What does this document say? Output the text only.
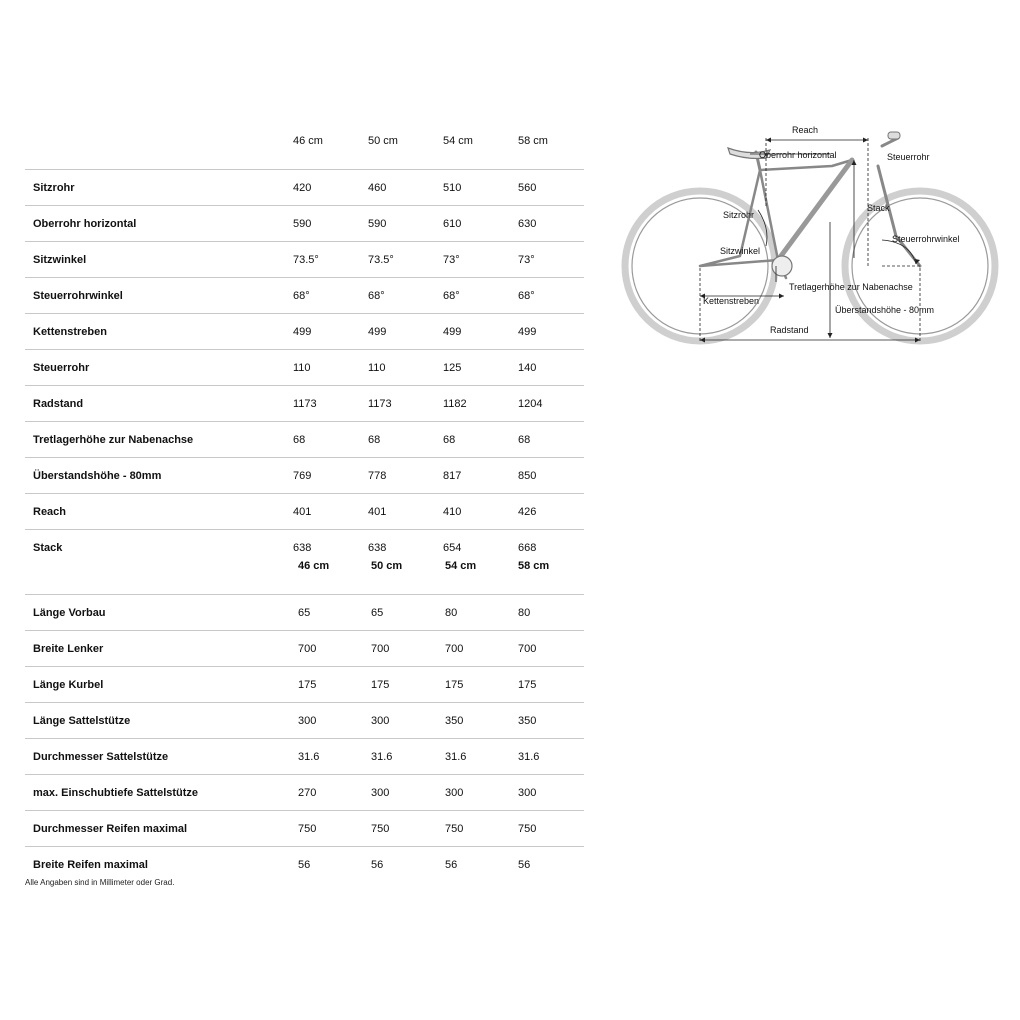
46 cm	50 cm	54 cm	58 cm
Sitzrohr	420	460	510	560
Oberrohr horizontal	590	590	610	630
Sitzwinkel	73.5°	73.5°	73°	73°
Steuerrohrwinkel	68°	68°	68°	68°
Kettenstreben	499	499	499	499
Steuerrohr	110	110	125	140
Radstand	1173	1173	1182	1204
Tretlagerhöhe zur Nabenachse	68	68	68	68
Überstandshöhe - 80mm	769	778	817	850
Reach	401	401	410	426
Stack	638	638	654	668
46 cm	50 cm	54 cm	58 cm
Länge Vorbau	65	65	80	80
Breite Lenker	700	700	700	700
Länge Kurbel	175	175	175	175
Länge Sattelstütze	300	300	350	350
Durchmesser Sattelstütze	31.6	31.6	31.6	31.6
max. Einschubtiefe Sattelstütze	270	300	300	300
Durchmesser Reifen maximal	750	750	750	750
Breite Reifen maximal	56	56	56	56
Alle Angaben sind in Millimeter oder Grad.
Reach
Oberrohr horizontal	Steuerrohr
Sitzrohr
Stack
Steuerrohrwinkel
Sitzwinkel
Tretlagerhöhe zur Nabenachse
Kettenstreben
Überstandshöhe - 80mm
Radstand
